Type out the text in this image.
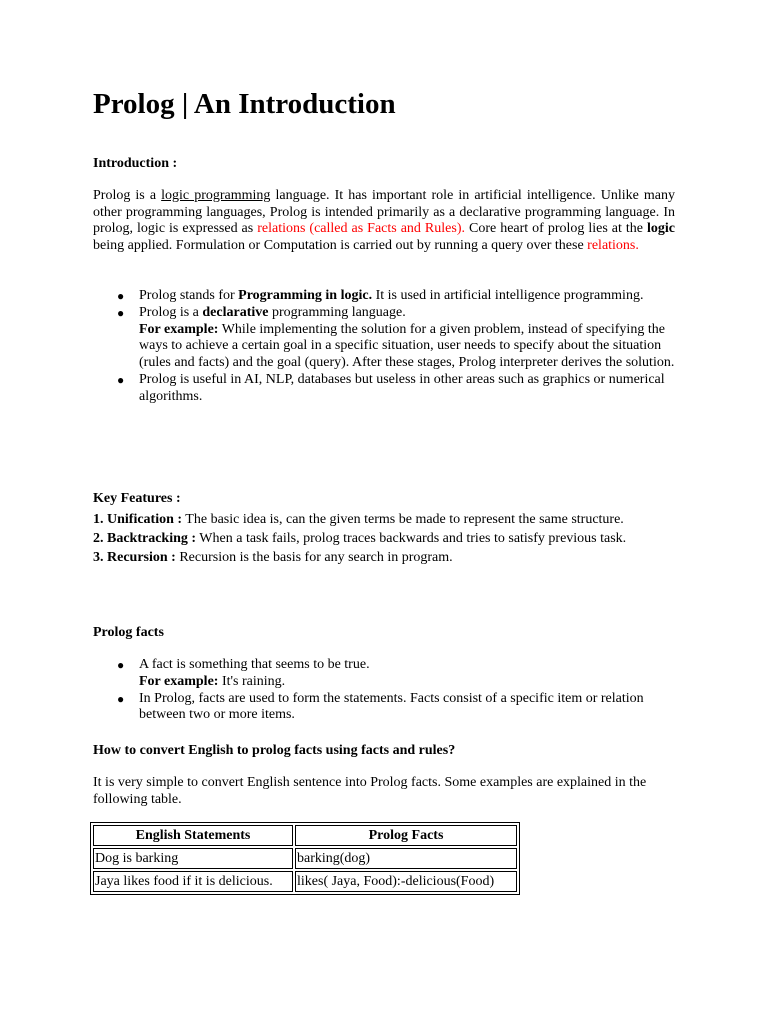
Prolog | An Introduction
Introduction :
Prolog is a logic programming language. It has important role in artificial intelligence. Unlike many other programming languages, Prolog is intended primarily as a declarative programming language. In prolog, logic is expressed as relations (called as Facts and Rules). Core heart of prolog lies at the logic being applied. Formulation or Computation is carried out by running a query over these relations.
● Prolog stands for Programming in logic. It is used in artificial intelligence programming.
● Prolog is a declarative programming language.
For example: While implementing the solution for a given problem, instead of specifying the ways to achieve a certain goal in a specific situation, user needs to specify about the situation (rules and facts) and the goal (query). After these stages, Prolog interpreter derives the solution.
● Prolog is useful in AI, NLP, databases but useless in other areas such as graphics or numerical algorithms.
Key Features :
1. Unification : The basic idea is, can the given terms be made to represent the same structure.
2. Backtracking : When a task fails, prolog traces backwards and tries to satisfy previous task.
3. Recursion : Recursion is the basis for any search in program.
Prolog facts
● A fact is something that seems to be true.
For example: It's raining.
● In Prolog, facts are used to form the statements. Facts consist of a specific item or relation between two or more items.
How to convert English to prolog facts using facts and rules?
It is very simple to convert English sentence into Prolog facts. Some examples are explained in the following table.
English Statements	Prolog Facts
Dog is barking	barking(dog)
Jaya likes food if it is delicious.	likes( Jaya, Food):-delicious(Food)
